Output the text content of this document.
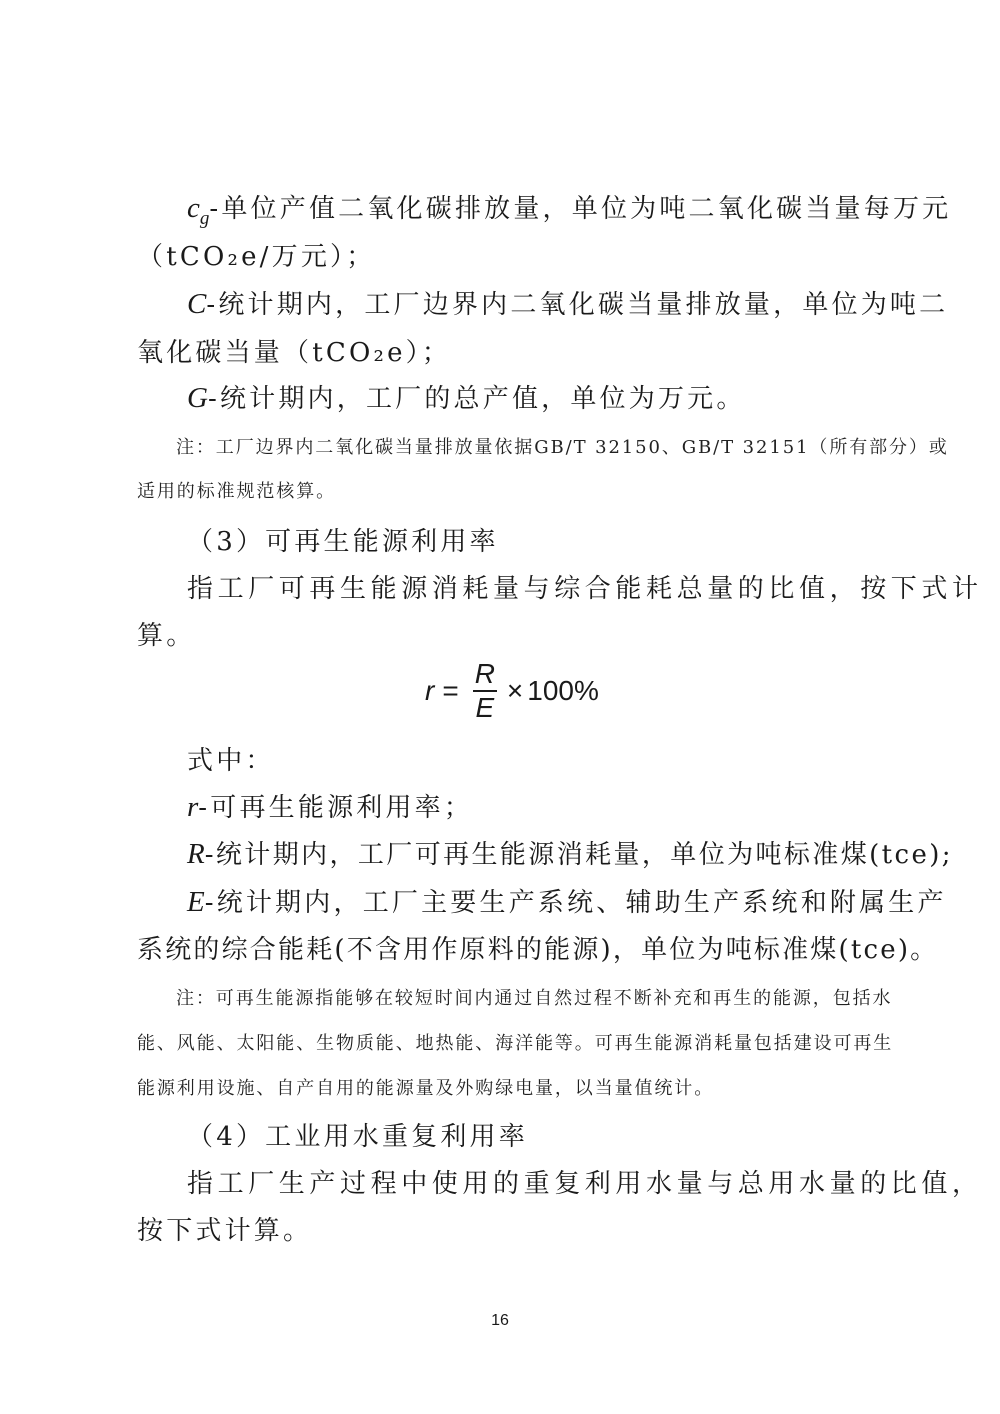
$c_g-$单位产值二氧化碳排放量，单位为吨二氧化碳当量每万元
（tCO₂e/万元）；
C-统计期内，工厂边界内二氧化碳当量排放量，单位为吨二
氧化碳当量（tCO₂e）；
G-统计期内，工厂的总产值，单位为万元。
注：工厂边界内二氧化碳当量排放量依据GB/T 32150、GB/T 32151（所有部分）或
适用的标准规范核算。
（3）可再生能源利用率
指工厂可再生能源消耗量与综合能耗总量的比值，按下式计
算。
$r = \frac{R}{E} \times 100\%$
式中：
r-可再生能源利用率；
R-统计期内，工厂可再生能源消耗量，单位为吨标准煤(tce);
E-统计期内，工厂主要生产系统、辅助生产系统和附属生产
系统的综合能耗(不含用作原料的能源)，单位为吨标准煤(tce)。
注：可再生能源指能够在较短时间内通过自然过程不断补充和再生的能源，包括水
能、风能、太阳能、生物质能、地热能、海洋能等。可再生能源消耗量包括建设可再生
能源利用设施、自产自用的能源量及外购绿电量，以当量值统计。
（4）工业用水重复利用率
指工厂生产过程中使用的重复利用水量与总用水量的比值，
按下式计算。
16
